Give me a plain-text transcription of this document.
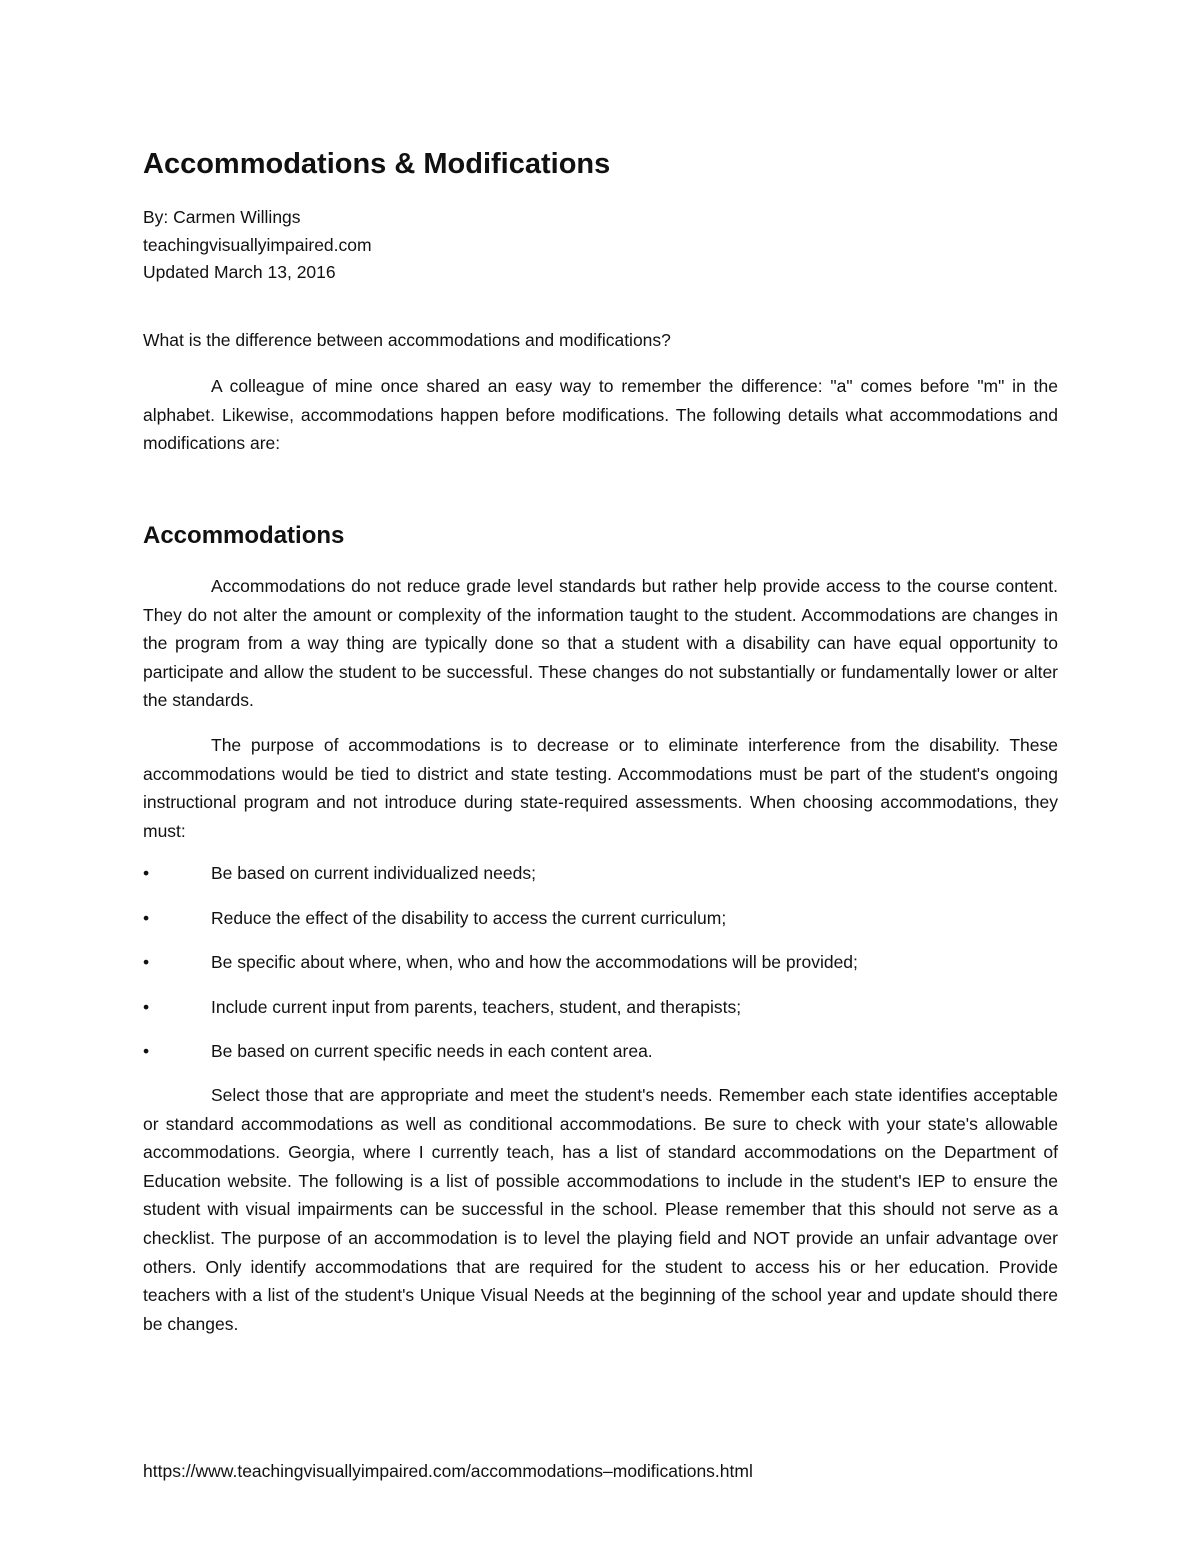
Accommodations & Modifications
By: Carmen Willings
teachingvisuallyimpaired.com
Updated March 13, 2016
What is the difference between accommodations and modifications?

A colleague of mine once shared an easy way to remember the difference: "a" comes before "m" in the alphabet. Likewise, accommodations happen before modifications. The following details what accommodations and modifications are:

Accommodations

Accommodations do not reduce grade level standards but rather help provide access to the course content. They do not alter the amount or complexity of the information taught to the student. Accommodations are changes in the program from a way thing are typically done so that a student with a disability can have equal opportunity to participate and allow the student to be successful. These changes do not substantially or fundamentally lower or alter the standards.

The purpose of accommodations is to decrease or to eliminate interference from the disability. These accommodations would be tied to district and state testing. Accommodations must be part of the student's ongoing instructional program and not introduce during state-required assessments. When choosing accommodations, they must:

•	Be based on current individualized needs;
•	Reduce the effect of the disability to access the current curriculum;
•	Be specific about where, when, who and how the accommodations will be provided;
•	Include current input from parents, teachers, student, and therapists;
•	Be based on current specific needs in each content area.

Select those that are appropriate and meet the student's needs. Remember each state identifies acceptable or standard accommodations as well as conditional accommodations. Be sure to check with your state's allowable accommodations. Georgia, where I currently teach, has a list of standard accommodations on the Department of Education website. The following is a list of possible accommodations to include in the student's IEP to ensure the student with visual impairments can be successful in the school. Please remember that this should not serve as a checklist. The purpose of an accommodation is to level the playing field and NOT provide an unfair advantage over others. Only identify accommodations that are required for the student to access his or her education. Provide teachers with a list of the student's Unique Visual Needs at the beginning of the school year and update should there be changes.

https://www.teachingvisuallyimpaired.com/accommodations–modifications.html
